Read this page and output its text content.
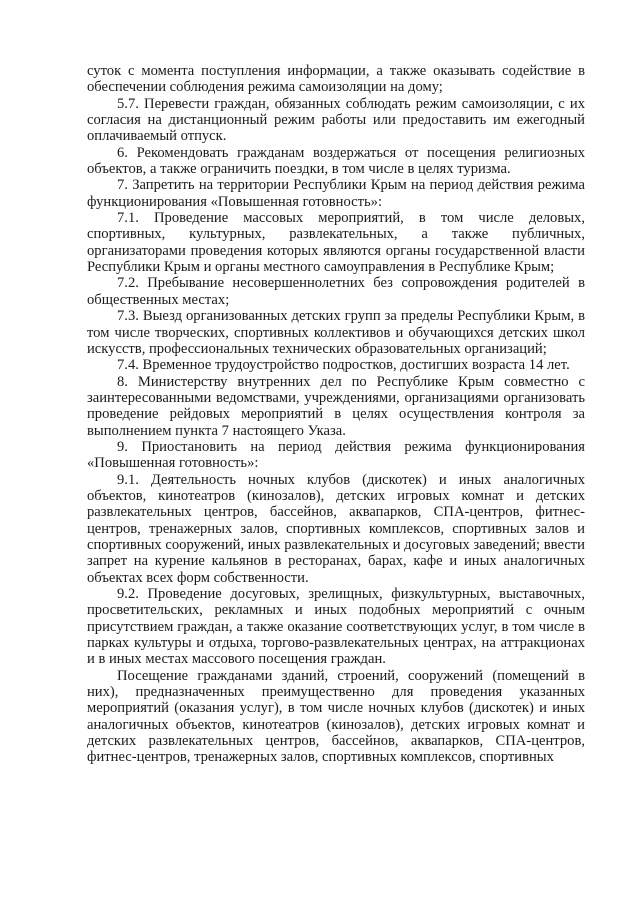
суток с момента поступления информации, а также оказывать содействие в обеспечении соблюдения режима самоизоляции на дому;

5.7. Перевести граждан, обязанных соблюдать режим самоизоляции, с их согласия на дистанционный режим работы или предоставить им ежегодный оплачиваемый отпуск.

6. Рекомендовать гражданам воздержаться от посещения религиозных объектов, а также ограничить поездки, в том числе в целях туризма.

7. Запретить на территории Республики Крым на период действия режима функционирования «Повышенная готовность»:

7.1. Проведение массовых мероприятий, в том числе деловых, спортивных, культурных, развлекательных, а также публичных, организаторами проведения которых являются органы государственной власти Республики Крым и органы местного самоуправления в Республике Крым;

7.2. Пребывание несовершеннолетних без сопровождения родителей в общественных местах;

7.3. Выезд организованных детских групп за пределы Республики Крым, в том числе творческих, спортивных коллективов и обучающихся детских школ искусств, профессиональных технических образовательных организаций;

7.4. Временное трудоустройство подростков, достигших возраста 14 лет.

8. Министерству внутренних дел по Республике Крым совместно с заинтересованными ведомствами, учреждениями, организациями организовать проведение рейдовых мероприятий в целях осуществления контроля за выполнением пункта 7 настоящего Указа.

9. Приостановить на период действия режима функционирования «Повышенная готовность»:

9.1. Деятельность ночных клубов (дискотек) и иных аналогичных объектов, кинотеатров (кинозалов), детских игровых комнат и детских развлекательных центров, бассейнов, аквапарков, СПА-центров, фитнес-центров, тренажерных залов, спортивных комплексов, спортивных залов и спортивных сооружений, иных развлекательных и досуговых заведений; ввести запрет на курение кальянов в ресторанах, барах, кафе и иных аналогичных объектах всех форм собственности.

9.2. Проведение досуговых, зрелищных, физкультурных, выставочных, просветительских, рекламных и иных подобных мероприятий с очным присутствием граждан, а также оказание соответствующих услуг, в том числе в парках культуры и отдыха, торгово-развлекательных центрах, на аттракционах и в иных местах массового посещения граждан.

Посещение гражданами зданий, строений, сооружений (помещений в них), предназначенных преимущественно для проведения указанных мероприятий (оказания услуг), в том числе ночных клубов (дискотек) и иных аналогичных объектов, кинотеатров (кинозалов), детских игровых комнат и детских развлекательных центров, бассейнов, аквапарков, СПА-центров, фитнес-центров, тренажерных залов, спортивных комплексов, спортивных
